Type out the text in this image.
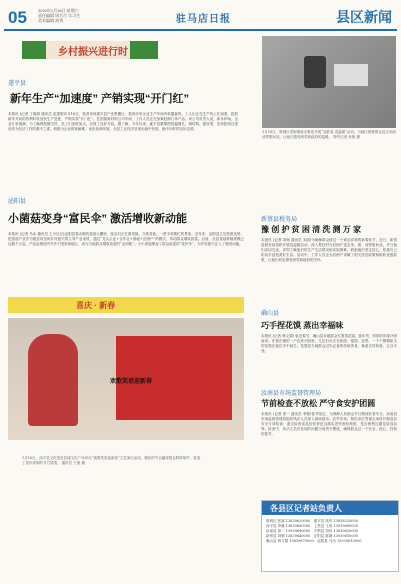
05	2020年1月18日 星期六
责任编辑 周巧巧 实习生
美术编辑 胡秀	驻马店日报	县区新闻
乡村振兴进行时
遂平县
新年生产“加速度” 产销实现“开门红”
本报讯 (记者 丁晓丽 通讯员 赵建明)1月16日，笔者来到遂平县产业集聚区，看到多家企业生产车间内机器轰鸣，工人们正在生产线上忙碌着，抢抓新年开局的有利时机加快生产进度，产销实现“开门红”。在国基新材料公司车间，工作人员正在加紧赶制订单产品。该公司负责人说，新年伊始，企业订单饱满，为了确保按期交货，员工们加班加点，实现了良好开局。据了解，今年以来，遂平县紧紧围绕稳增长、调结构、促转型，坚持把项目建设作为经济工作的重中之重，积极为企业排忧解难，优化营商环境，全县工业经济呈现出稳中有进、稳中向好的良好态势。
1月16日，驿城区老街街道办事处开展“迎新春 送温暖”活动，为辖区困难群众送去米面油等慰问品，让他们感受到党和政府的温暖。 特约记者 孙艳 摄
泌阳县
小菌菇变身“富民伞” 激活增收新动能
本报讯 (记者 马冰 通讯员 王小红)在泌阳县春水镇的香菇大棚里，菇农们正忙着采摘、分拣香菇，一派丰收繁忙的景象。近年来，泌阳县立足资源优势，把香菇产业作为脱贫攻坚和乡村振兴的主导产业来抓，通过“龙头企业+合作社+基地+贫困户”的模式，带动群众增收致富。目前，全县香菇种植规模已达数千万袋，产品远销国内外多个国家和地区，成为当地群众增收致富的“金钥匙”。小小香菇撑起了群众致富的“富民伞”，为乡村振兴注入了强劲动能。
喜庆 · 新春
欢歌笑语迎新春
1月16日，西平县文化馆在县城文化广场举办“欢歌笑语迎新春”文艺演出活动，精彩的节目赢得群众阵阵掌声，营造了喜庆祥和的节日氛围。 通讯员 王康 摄
新蔡县税务局
豫 创 护 贫 困 清 洗 测 万 家
本报讯 (记者 刘萌 通讯员 宋丽)为确保群众度过一个欢乐祥和的新春佳节，近日，新蔡县税务局组织开展送温暖活动，深入帮扶村为贫困户送去米、面、油等慰问品，并与他们亲切交谈，详细了解他们的生产生活情况和实际困难，鼓励他们坚定信心，依靠自己的双手创造美好生活。活动中，工作人员还为贫困户讲解了相关扶贫政策和税收优惠政策，让他们切实感受到党和政府的关怀。
确山县
巧手捏花馍 蒸出幸福味
本报讯 (记者 韩文娟) 临近春节，确山县各地群众忙着蒸花馍、备年货，浓浓的年味扑面而来。在留庄镇的一户农家小院里，几位妇女正在和面、揉面、造型，一个个栩栩如生的花馍在她们手中诞生。花馍是当地群众过年必备的传统美食，寓意吉祥如意、五谷丰登。
汝南县市场监督管理局
节前检查不放松 严守食安护团圆
本报讯 (记者 周一 通讯员 李强)春节临近，为保障人民群众节日期间饮食安全，汝南县市场监督管理局组织执法人员深入商场超市、农贸市场、餐饮单位等重点场所开展食品安全专项检查，重点检查食品经营者是否落实进货查验制度、是否销售过期变质食品等。检查中，执法人员对发现的问题当场责令整改，确保群众过一个安全、放心、祥和的春节。
各县区记者站负责人
驿城区 张斌 13839620000　遂平县 高华 13838320000
西平县 李娜 13839660000　上蔡县 王涛 13939680000
汝南县 周一 13939690000　平舆县 刘伟 13839630000
新蔡县 刘萌 13839640000　正阳县 陈静 13939650000
确山县 韩文娟 13839670000　泌阳县 马冰 13939610000
